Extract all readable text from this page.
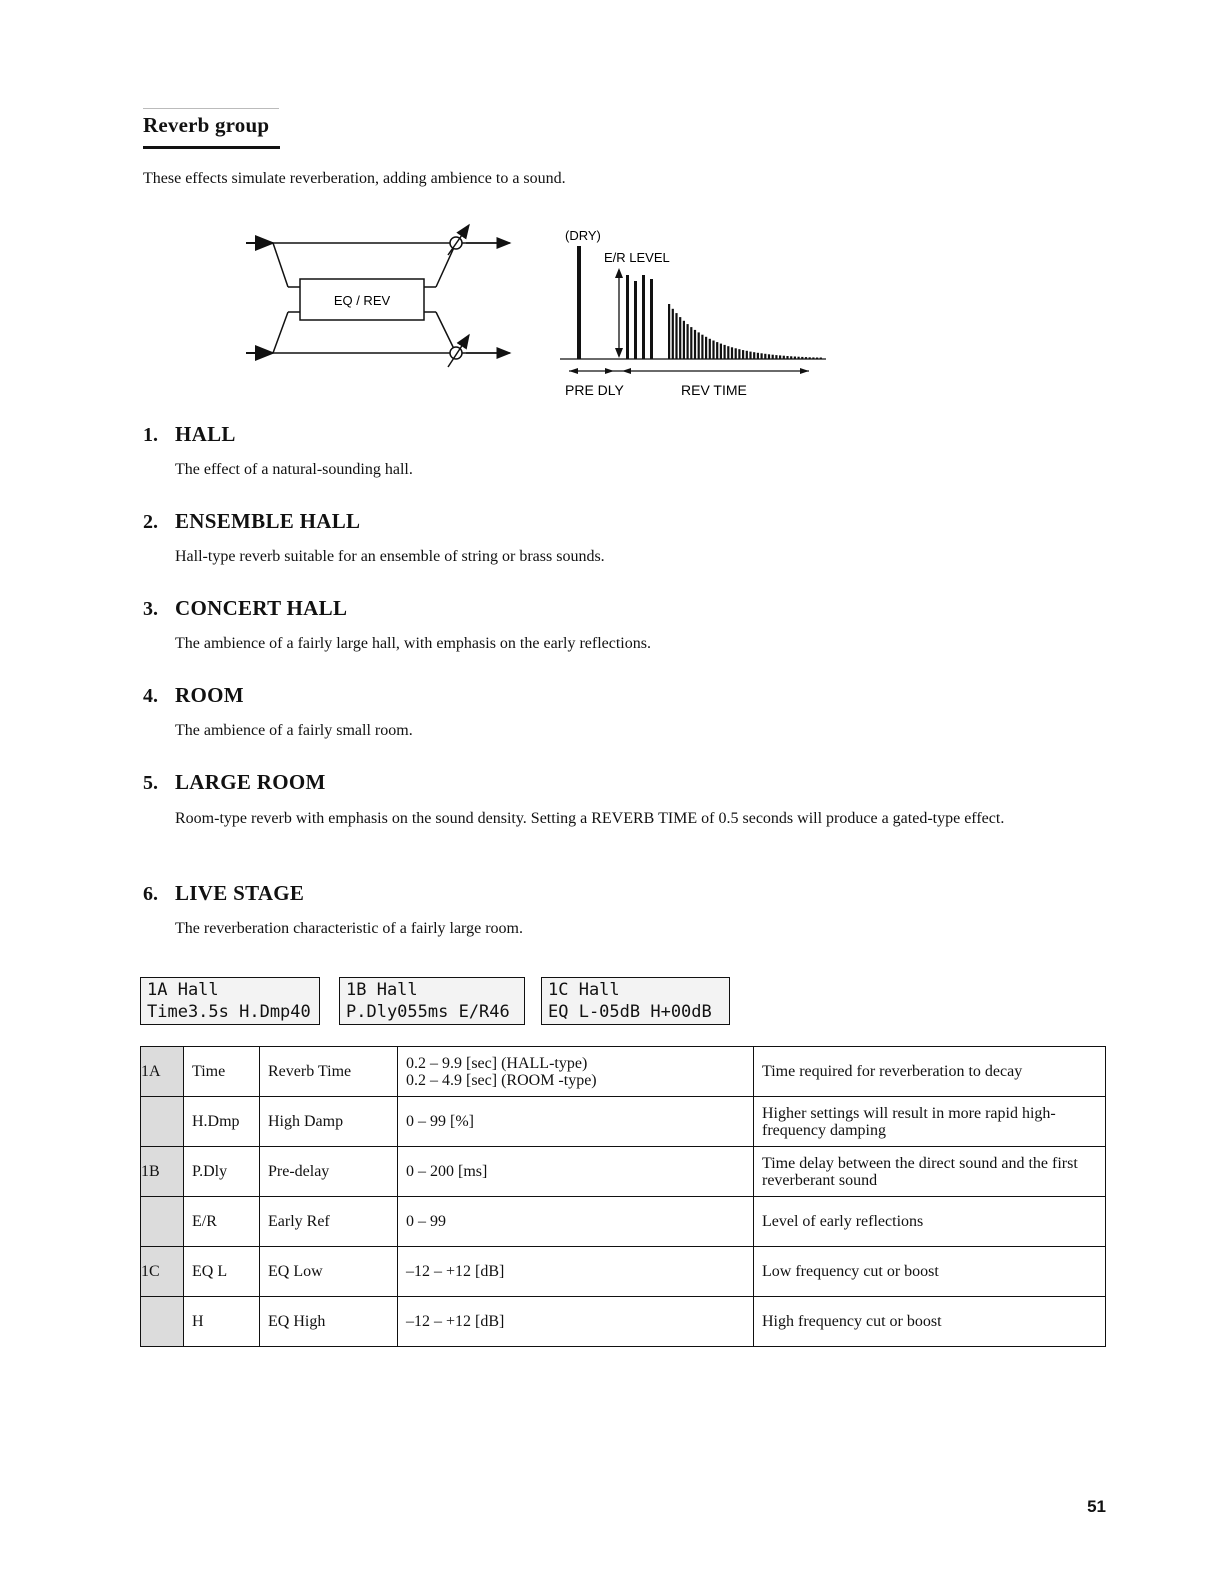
Reverb group
These effects simulate reverberation, adding ambience to a sound.
EQ / REV
(DRY)
E/R LEVEL
PRE DLY	REV TIME
1. HALL
The effect of a natural-sounding hall.
2. ENSEMBLE HALL
Hall-type reverb suitable for an ensemble of string or brass sounds.
3. CONCERT HALL
The ambience of a fairly large hall, with emphasis on the early reflections.
4. ROOM
The ambience of a fairly small room.
5. LARGE ROOM
Room-type reverb with emphasis on the sound density. Setting a REVERB TIME of 0.5 seconds will produce a gated-type effect.
6. LIVE STAGE
The reverberation characteristic of a fairly large room.
1A Hall
Time3.5s H.Dmp40
1B Hall
P.Dly055ms E/R46
1C Hall
EQ L-05dB H+00dB
1A	Time	Reverb Time	0.2 – 9.9 [sec] (HALL-type)
0.2 – 4.9 [sec] (ROOM -type)	Time required for reverberation to decay
	H.Dmp	High Damp	0 – 99 [%]	Higher settings will result in more rapid high-frequency damping
1B	P.Dly	Pre-delay	0 – 200 [ms]	Time delay between the direct sound and the first reverberant sound
	E/R	Early Ref	0 – 99	Level of early reflections
1C	EQ L	EQ Low	–12 – +12 [dB]	Low frequency cut or boost
	H	EQ High	–12 – +12 [dB]	High frequency cut or boost
51
